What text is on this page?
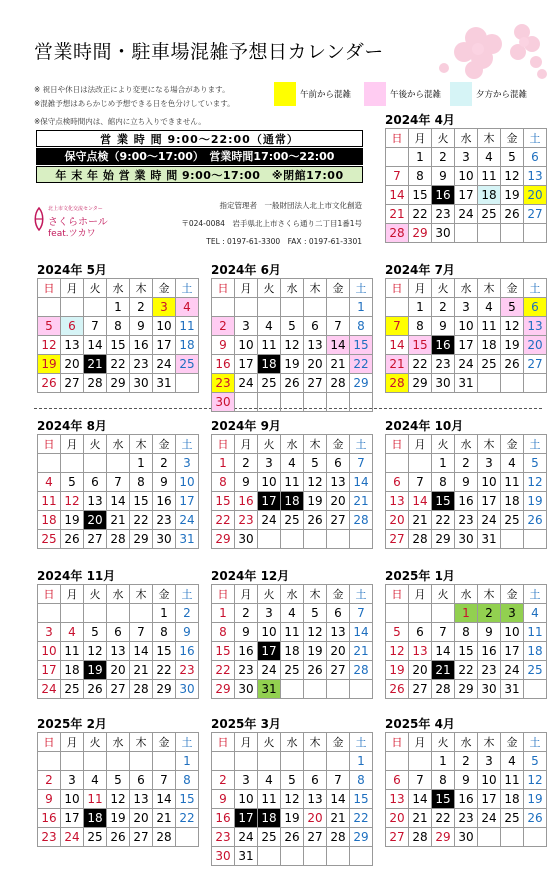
営業時間・駐車場混雑予想日カレンダー
※ 祝日や休日は法改正により変更になる場合があります。
※混雑予想はあらかじめ予想できる日を色分けしています。
※保守点検時間内は、館内に立ち入りできません。
午前から混雑	午後から混雑	夕方から混雑
営 業 時 間 9:00～22:00（通常）
保守点検（9:00～17:00）　営業時間17:00～22:00
年 末 年 始 営 業 時 間 9:00～17:00　※閉館17:00
北上市文化交流センター
さくらホール
feat.ツカワ
指定管理者　一般財団法人北上市文化創造
〒024-0084　岩手県北上市さくら通り二丁目1番1号
TEL : 0197-61-3300　FAX : 0197-61-3301
2024年 4月
日	月	火	水	木	金	土
	1	2	3	4	5	6
7	8	9	10	11	12	13
14	15	16	17	18	19	20
21	22	23	24	25	26	27
28	29	30				
2024年 5月
日	月	火	水	木	金	土
			1	2	3	4
5	6	7	8	9	10	11
12	13	14	15	16	17	18
19	20	21	22	23	24	25
26	27	28	29	30	31	
2024年 6月
日	月	火	水	木	金	土
						1
2	3	4	5	6	7	8
9	10	11	12	13	14	15
16	17	18	19	20	21	22
23	24	25	26	27	28	29
30						
2024年 7月
日	月	火	水	木	金	土
	1	2	3	4	5	6
7	8	9	10	11	12	13
14	15	16	17	18	19	20
21	22	23	24	25	26	27
28	29	30	31			
2024年 8月
日	月	火	水	木	金	土
				1	2	3
4	5	6	7	8	9	10
11	12	13	14	15	16	17
18	19	20	21	22	23	24
25	26	27	28	29	30	31
2024年 9月
日	月	火	水	木	金	土
1	2	3	4	5	6	7
8	9	10	11	12	13	14
15	16	17	18	19	20	21
22	23	24	25	26	27	28
29	30					
2024年 10月
日	月	火	水	木	金	土
		1	2	3	4	5
6	7	8	9	10	11	12
13	14	15	16	17	18	19
20	21	22	23	24	25	26
27	28	29	30	31		
2024年 11月
日	月	火	水	木	金	土
					1	2
3	4	5	6	7	8	9
10	11	12	13	14	15	16
17	18	19	20	21	22	23
24	25	26	27	28	29	30
2024年 12月
日	月	火	水	木	金	土
1	2	3	4	5	6	7
8	9	10	11	12	13	14
15	16	17	18	19	20	21
22	23	24	25	26	27	28
29	30	31				
2025年 1月
日	月	火	水	木	金	土
			1	2	3	4
5	6	7	8	9	10	11
12	13	14	15	16	17	18
19	20	21	22	23	24	25
26	27	28	29	30	31	
2025年 2月
日	月	火	水	木	金	土
						1
2	3	4	5	6	7	8
9	10	11	12	13	14	15
16	17	18	19	20	21	22
23	24	25	26	27	28	
2025年 3月
日	月	火	水	木	金	土
						1
2	3	4	5	6	7	8
9	10	11	12	13	14	15
16	17	18	19	20	21	22
23	24	25	26	27	28	29
30	31					
2025年 4月
日	月	火	水	木	金	土
		1	2	3	4	5
6	7	8	9	10	11	12
13	14	15	16	17	18	19
20	21	22	23	24	25	26
27	28	29	30			
